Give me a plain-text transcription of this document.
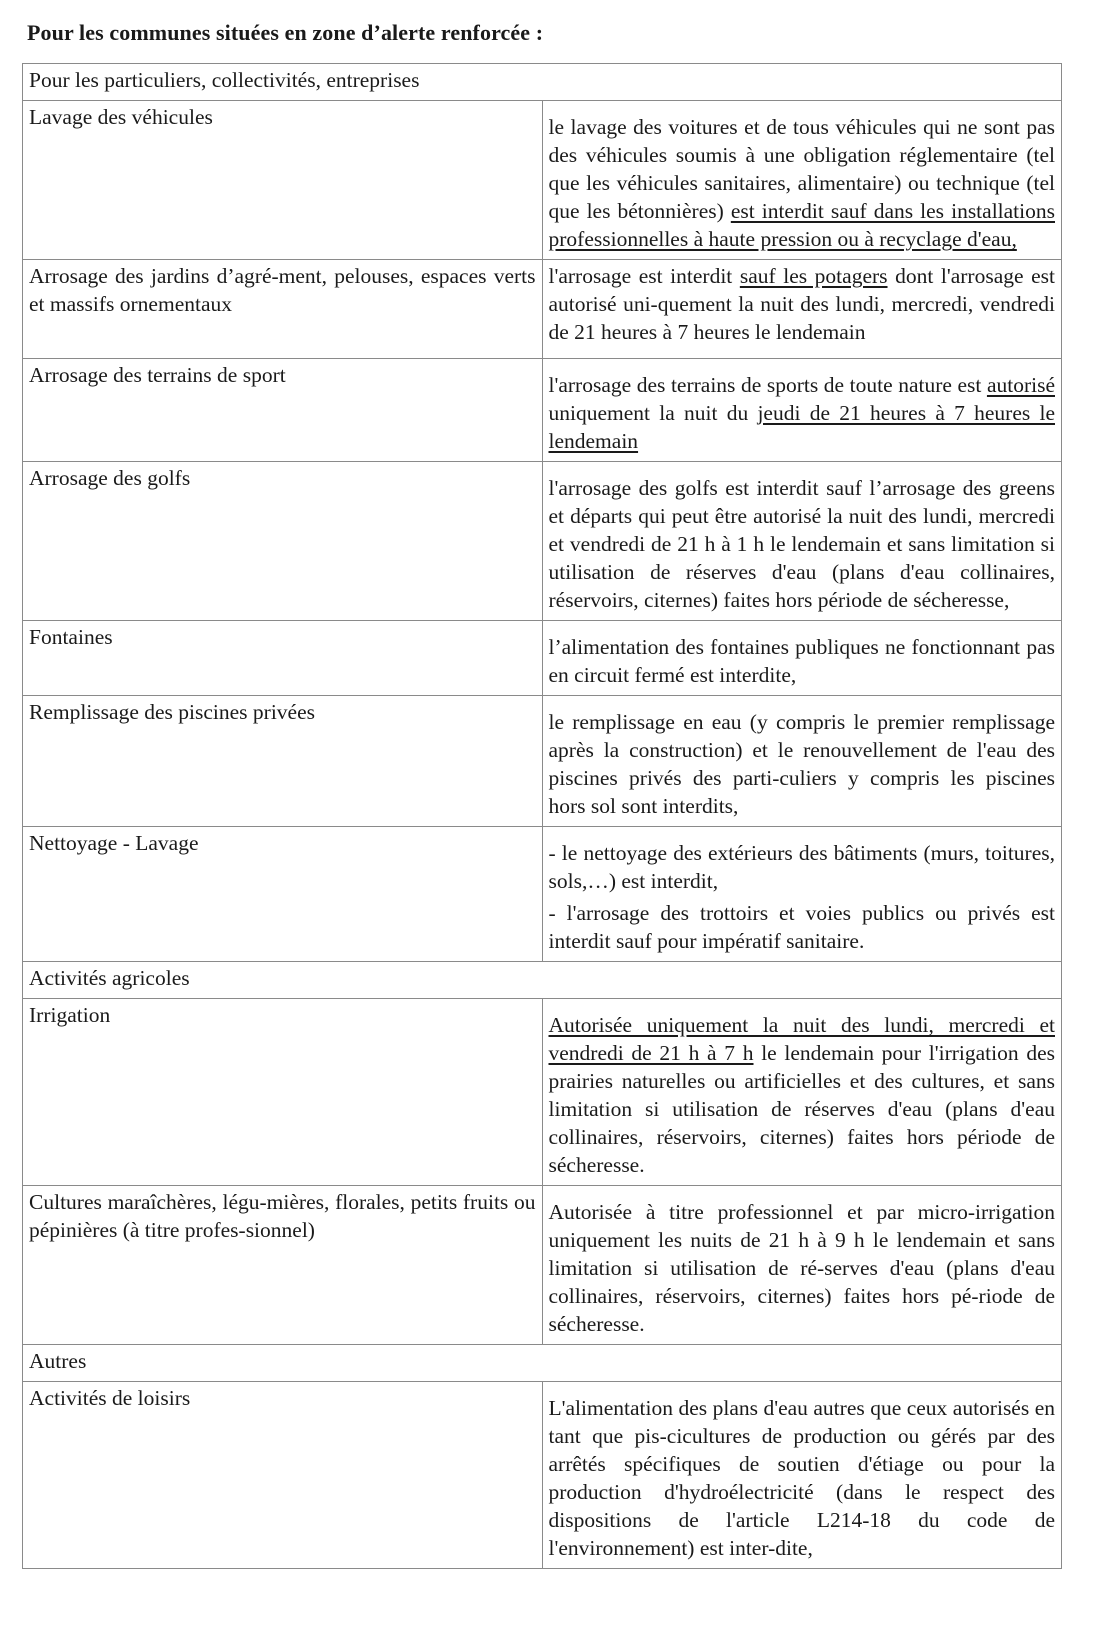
Pour les communes situées en zone d’alerte renforcée :
Pour les particuliers, collectivités, entreprises	
Lavage des véhicules	le lavage des voitures et de tous véhicules qui ne sont pas des véhicules soumis à une obligation réglementaire (tel que les véhicules sanitaires, alimentaire) ou technique (tel que les bétonnières) est interdit sauf dans les installations professionnelles à haute pression ou à recyclage d'eau,
Arrosage des jardins d’agré-ment, pelouses, espaces verts et massifs ornementaux	l'arrosage est interdit sauf les potagers dont l'arrosage est autorisé uni-quement la nuit des lundi, mercredi, vendredi de 21 heures à 7 heures le lendemain
Arrosage des terrains de sport	l'arrosage des terrains de sports de toute nature est autorisé uniquement la nuit du jeudi de 21 heures à 7 heures le lendemain
Arrosage des golfs	l'arrosage des golfs est interdit sauf l’arrosage des greens et départs qui peut être autorisé la nuit des lundi, mercredi et vendredi de 21 h à 1 h le lendemain et sans limitation si utilisation de réserves d'eau (plans d'eau collinaires, réservoirs, citernes) faites hors période de sécheresse,
Fontaines	l’alimentation des fontaines publiques ne fonctionnant pas en circuit fermé est interdite,
Remplissage des piscines privées	le remplissage en eau (y compris le premier remplissage après la construction) et le renouvellement de l'eau des piscines privés des parti-culiers y compris les piscines hors sol sont interdits,
Nettoyage - Lavage	- le nettoyage des extérieurs des bâtiments (murs, toitures, sols,…) est interdit,
- l'arrosage des trottoirs et voies publics ou privés est interdit sauf pour impératif sanitaire.

Activités agricoles	
Irrigation	Autorisée uniquement la nuit des lundi, mercredi et vendredi de 21 h à 7 h le lendemain pour l'irrigation des prairies naturelles ou artificielles et des cultures, et sans limitation si utilisation de réserves d'eau (plans d'eau collinaires, réservoirs, citernes) faites hors période de sécheresse.
Cultures maraîchères, légu-mières, florales, petits fruits ou pépinières (à titre profes-sionnel)	Autorisée à titre professionnel et par micro-irrigation uniquement les nuits de 21 h à 9 h le lendemain et sans limitation si utilisation de ré-serves d'eau (plans d'eau collinaires, réservoirs, citernes) faites hors pé-riode de sécheresse.
Autres	
Activités de loisirs	L'alimentation des plans d'eau autres que ceux autorisés en tant que pis-cicultures de production ou gérés par des arrêtés spécifiques de soutien d'étiage ou pour la production d'hydroélectricité (dans le respect des dispositions de l'article L214-18 du code de l'environnement) est inter-dite,
